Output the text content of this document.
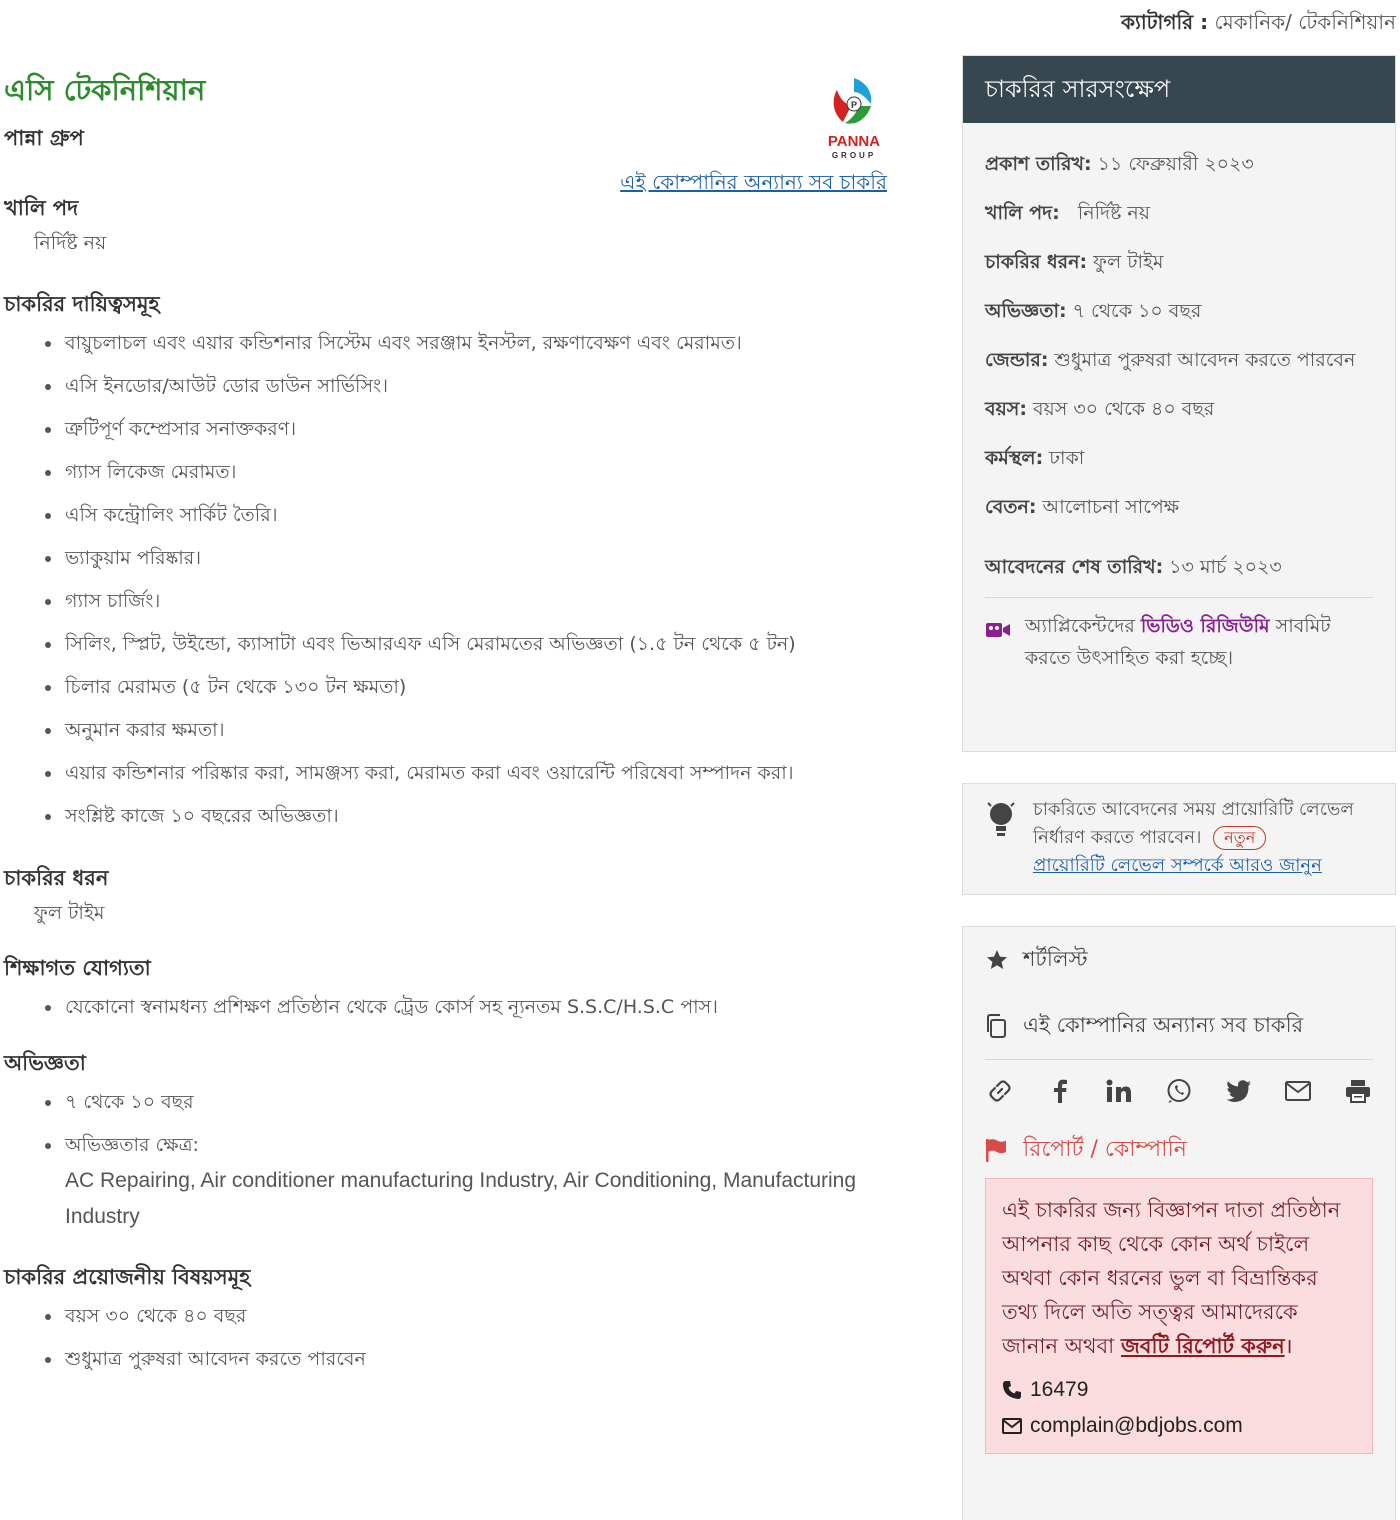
ক্যাটাগরি : মেকানিক/ টেকনিশিয়ান
P
PANNA
GROUP
এই কোম্পানির অন্যান্য সব চাকরি
এসি টেকনিশিয়ান
পান্না গ্রুপ
খালি পদ

নির্দিষ্ট নয়

চাকরির দায়িত্বসমূহ
• বায়ুচলাচল এবং এয়ার কন্ডিশনার সিস্টেম এবং সরঞ্জাম ইনস্টল, রক্ষণাবেক্ষণ এবং মেরামত।
• এসি ইনডোর/আউট ডোর ডাউন সার্ভিসিং।
• ত্রুটিপূর্ণ কম্প্রেসার সনাক্তকরণ।
• গ্যাস লিকেজ মেরামত।
• এসি কন্ট্রোলিং সার্কিট তৈরি।
• ভ্যাকুয়াম পরিষ্কার।
• গ্যাস চার্জিং।
• সিলিং, স্প্লিট, উইন্ডো, ক্যাসাটা এবং ভিআরএফ এসি মেরামতের অভিজ্ঞতা (১.৫ টন থেকে ৫ টন)
• চিলার মেরামত (৫ টন থেকে ১৩০ টন ক্ষমতা)
• অনুমান করার ক্ষমতা।
• এয়ার কন্ডিশনার পরিষ্কার করা, সামঞ্জস্য করা, মেরামত করা এবং ওয়ারেন্টি পরিষেবা সম্পাদন করা।
• সংশ্লিষ্ট কাজে ১০ বছরের অভিজ্ঞতা।
চাকরির ধরন

ফুল টাইম

শিক্ষাগত যোগ্যতা
• যেকোনো স্বনামধন্য প্রশিক্ষণ প্রতিষ্ঠান থেকে ট্রেড কোর্স সহ ন্যূনতম S.S.C/H.S.C পাস।
অভিজ্ঞতা
• ৭ থেকে ১০ বছর
• অভিজ্ঞতার ক্ষেত্র:
AC Repairing, Air conditioner manufacturing Industry, Air Conditioning, Manufacturing Industry
চাকরির প্রয়োজনীয় বিষয়সমূহ
• বয়স ৩০ থেকে ৪০ বছর
• শুধুমাত্র পুরুষরা আবেদন করতে পারবেন
চাকরির সারসংক্ষেপ
প্রকাশ তারিখ: ১১ ফেব্রুয়ারী ২০২৩
খালি পদ: নির্দিষ্ট নয়
চাকরির ধরন: ফুল টাইম
অভিজ্ঞতা: ৭ থেকে ১০ বছর
জেন্ডার: শুধুমাত্র পুরুষরা আবেদন করতে পারবেন
বয়স: বয়স ৩০ থেকে ৪০ বছর
কর্মস্থল: ঢাকা
বেতন: আলোচনা সাপেক্ষ
আবেদনের শেষ তারিখ: ১৩ মার্চ ২০২৩
অ্যাপ্লিকেন্টদের ভিডিও রিজিউমি সাবমিট করতে উৎসাহিত করা হচ্ছে।
চাকরিতে আবেদনের সময় প্রায়োরিটি লেভেল নির্ধারণ করতে পারবেন। নতুন
প্রায়োরিটি লেভেল সম্পর্কে আরও জানুন
শর্টলিস্ট
এই কোম্পানির অন্যান্য সব চাকরি
রিপোর্ট / কোম্পানি
এই চাকরির জন্য বিজ্ঞাপন দাতা প্রতিষ্ঠান আপনার কাছ থেকে কোন অর্থ চাইলে অথবা কোন ধরনের ভুল বা বিভ্রান্তিকর তথ্য দিলে অতি সত্ত্বর আমাদেরকে জানান অথবা জবটি রিপোর্ট করুন।
16479
complain@bdjobs.com
